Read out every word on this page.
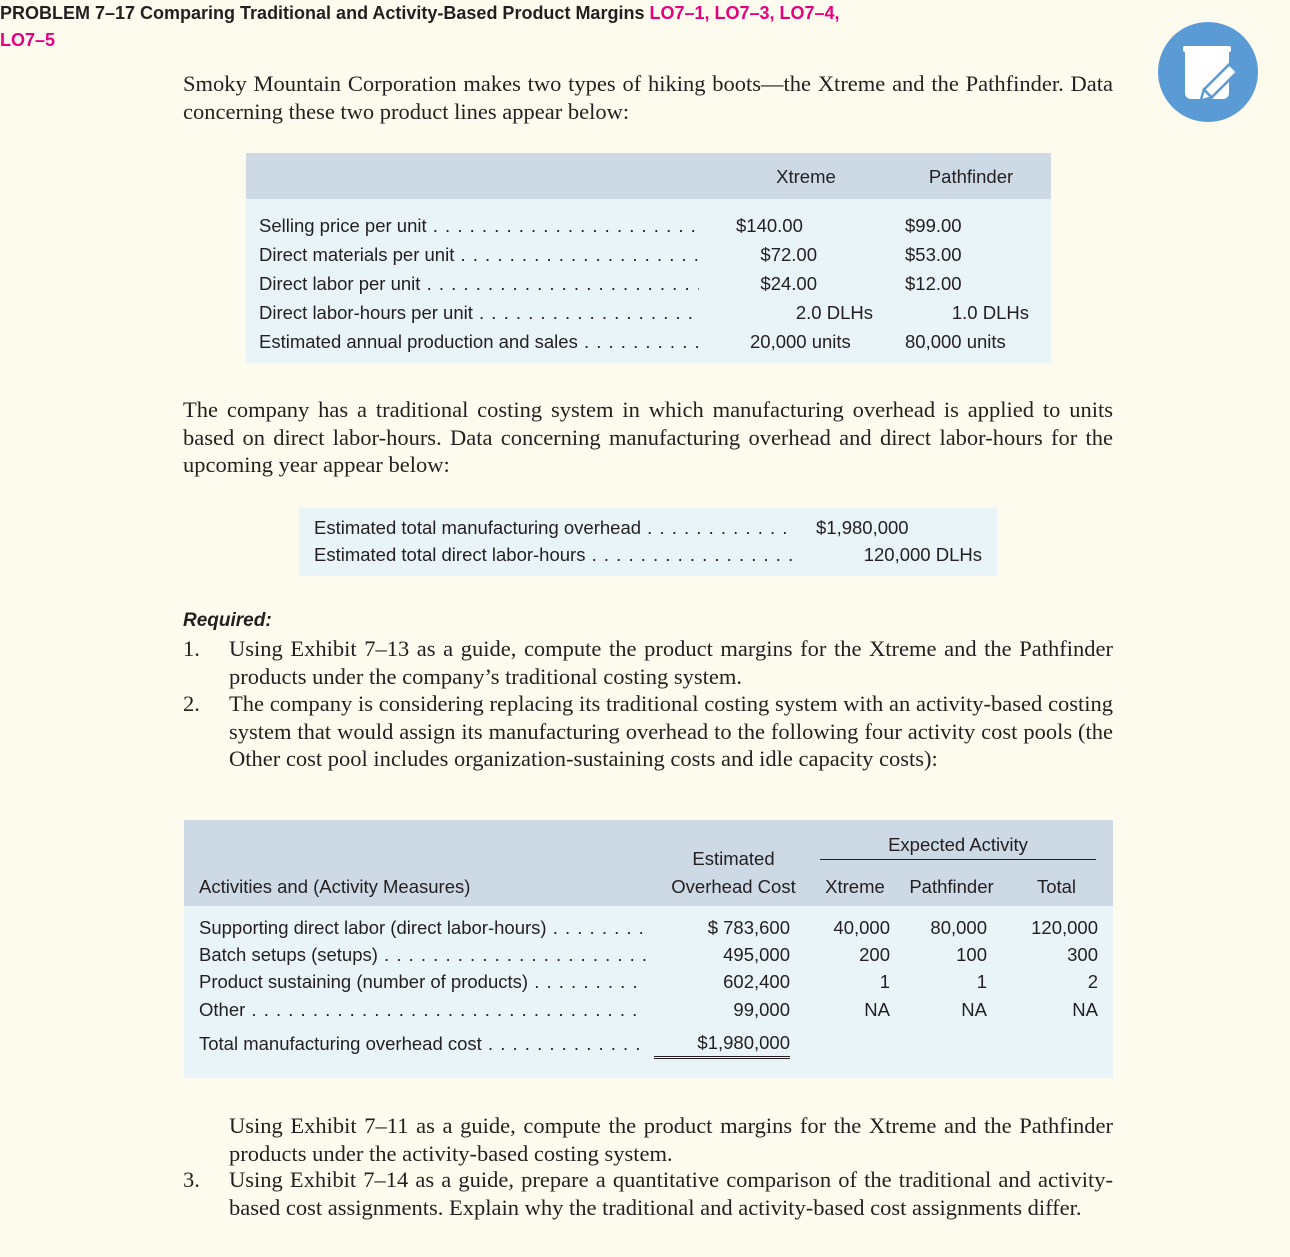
PROBLEM 7–17 Comparing Traditional and Activity-Based Product Margins LO7–1, LO7–3, LO7–4,
LO7–5
Smoky Mountain Corporation makes two types of hiking boots—the Xtreme and the Pathfinder. Data concerning these two product lines appear below:
Xtreme	Pathfinder
Selling price per unit . . .	$140.00	$99.00
Direct materials per unit . . .	$72.00	$53.00
Direct labor per unit . . .	$24.00	$12.00
Direct labor-hours per unit . . .	2.0 DLHs	1.0 DLHs
Estimated annual production and sales . . .	20,000 units	80,000 units
The company has a traditional costing system in which manufacturing overhead is applied to units based on direct labor-hours. Data concerning manufacturing overhead and direct labor-hours for the upcoming year appear below:
Estimated total manufacturing overhead . . .	$1,980,000
Estimated total direct labor-hours . . .	120,000 DLHs
Required:
1. Using Exhibit 7–13 as a guide, compute the product margins for the Xtreme and the Pathfinder products under the company’s traditional costing system.
2. The company is considering replacing its traditional costing system with an activity-based costing system that would assign its manufacturing overhead to the following four activity cost pools (the Other cost pool includes organization-sustaining costs and idle capacity costs):
Activities and (Activity Measures)
Estimated
Overhead Cost
Expected Activity
Xtreme	Pathfinder	Total
Supporting direct labor (direct labor-hours) . . .	$ 783,600	40,000	80,000	120,000
Batch setups (setups) . . .	495,000	200	100	300
Product sustaining (number of products) . . .	602,400	1	1	2
Other . . .	99,000	NA	NA	NA
Total manufacturing overhead cost . . .	$1,980,000
Using Exhibit 7–11 as a guide, compute the product margins for the Xtreme and the Pathfinder products under the activity-based costing system.
3. Using Exhibit 7–14 as a guide, prepare a quantitative comparison of the traditional and activity-based cost assignments. Explain why the traditional and activity-based cost assignments differ.
